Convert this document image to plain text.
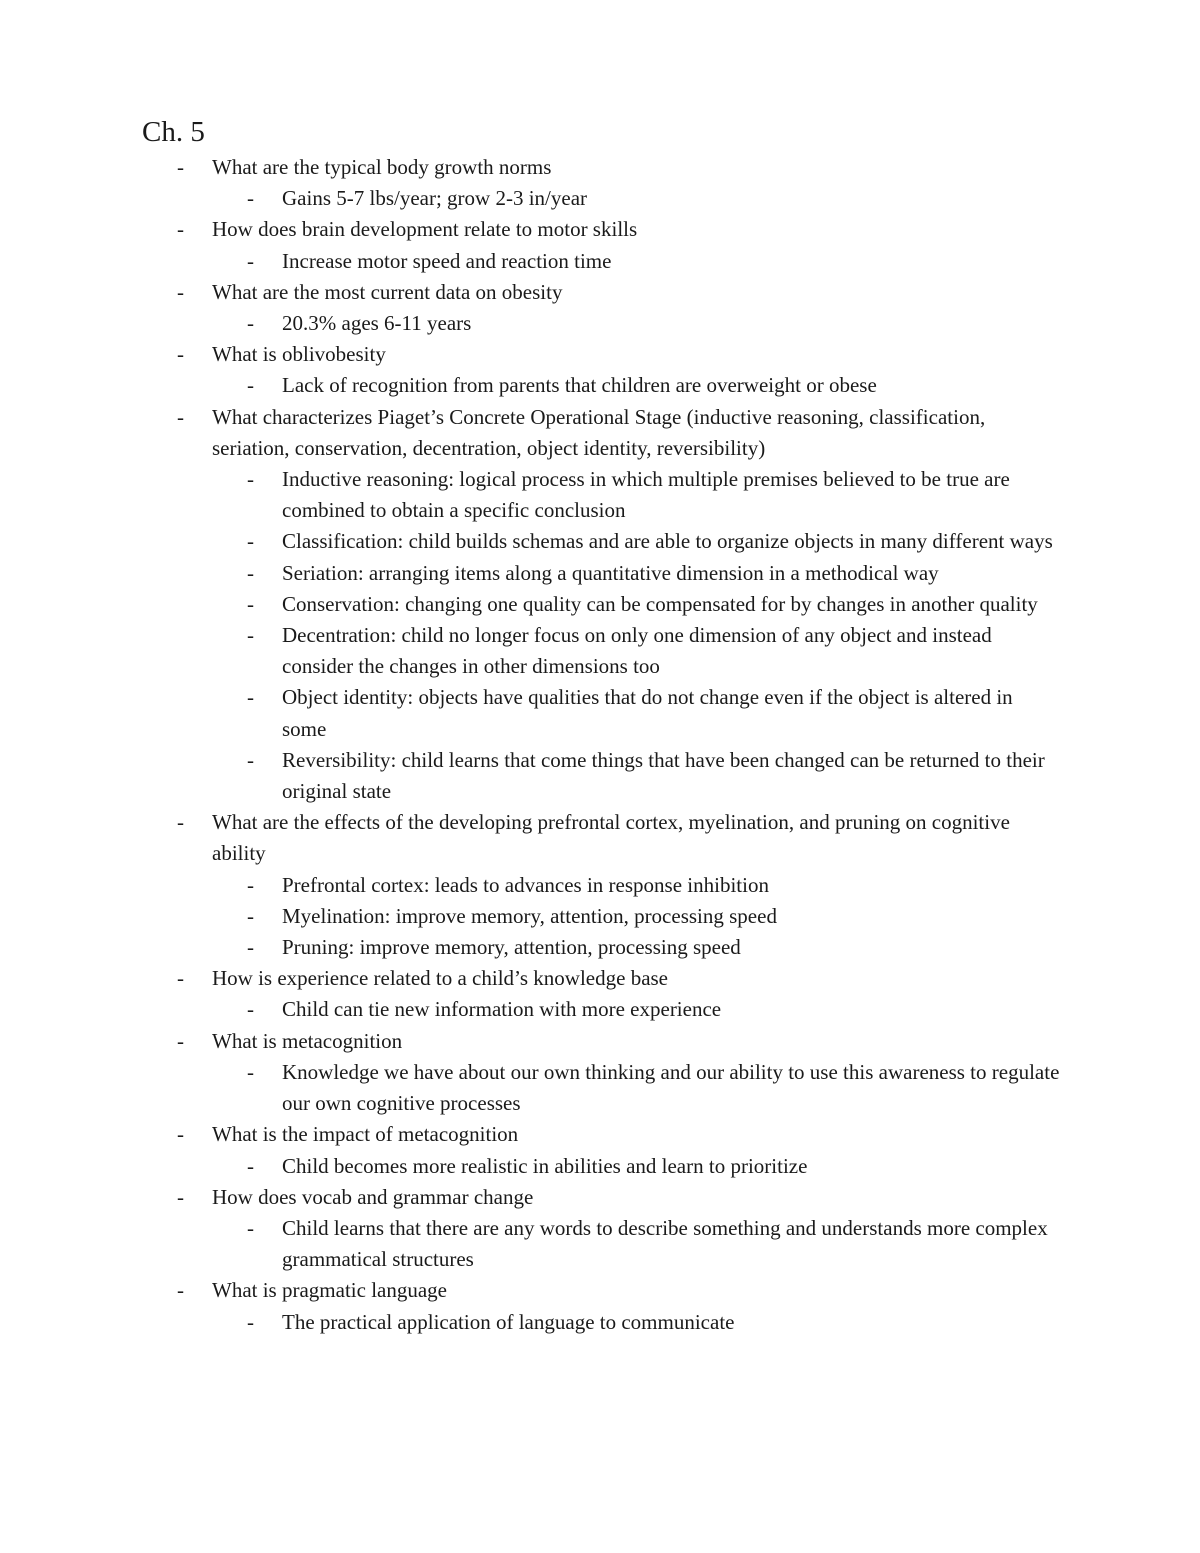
Ch. 5
- What are the typical body growth norms
- Gains 5-7 lbs/year; grow 2-3 in/year
- How does brain development relate to motor skills
- Increase motor speed and reaction time
- What are the most current data on obesity
- 20.3% ages 6-11 years
- What is oblivobesity
- Lack of recognition from parents that children are overweight or obese
- What characterizes Piaget’s Concrete Operational Stage (inductive reasoning, classification, seriation, conservation, decentration, object identity, reversibility)
- Inductive reasoning: logical process in which multiple premises believed to be true are combined to obtain a specific conclusion
- Classification: child builds schemas and are able to organize objects in many different ways
- Seriation: arranging items along a quantitative dimension in a methodical way
- Conservation: changing one quality can be compensated for by changes in another quality
- Decentration: child no longer focus on only one dimension of any object and instead consider the changes in other dimensions too
- Object identity: objects have qualities that do not change even if the object is altered in some
- Reversibility: child learns that come things that have been changed can be returned to their original state
- What are the effects of the developing prefrontal cortex, myelination, and pruning on cognitive ability
- Prefrontal cortex: leads to advances in response inhibition
- Myelination: improve memory, attention, processing speed
- Pruning: improve memory, attention, processing speed
- How is experience related to a child’s knowledge base
- Child can tie new information with more experience
- What is metacognition
- Knowledge we have about our own thinking and our ability to use this awareness to regulate our own cognitive processes
- What is the impact of metacognition
- Child becomes more realistic in abilities and learn to prioritize
- How does vocab and grammar change
- Child learns that there are any words to describe something and understands more complex grammatical structures
- What is pragmatic language
- The practical application of language to communicate
